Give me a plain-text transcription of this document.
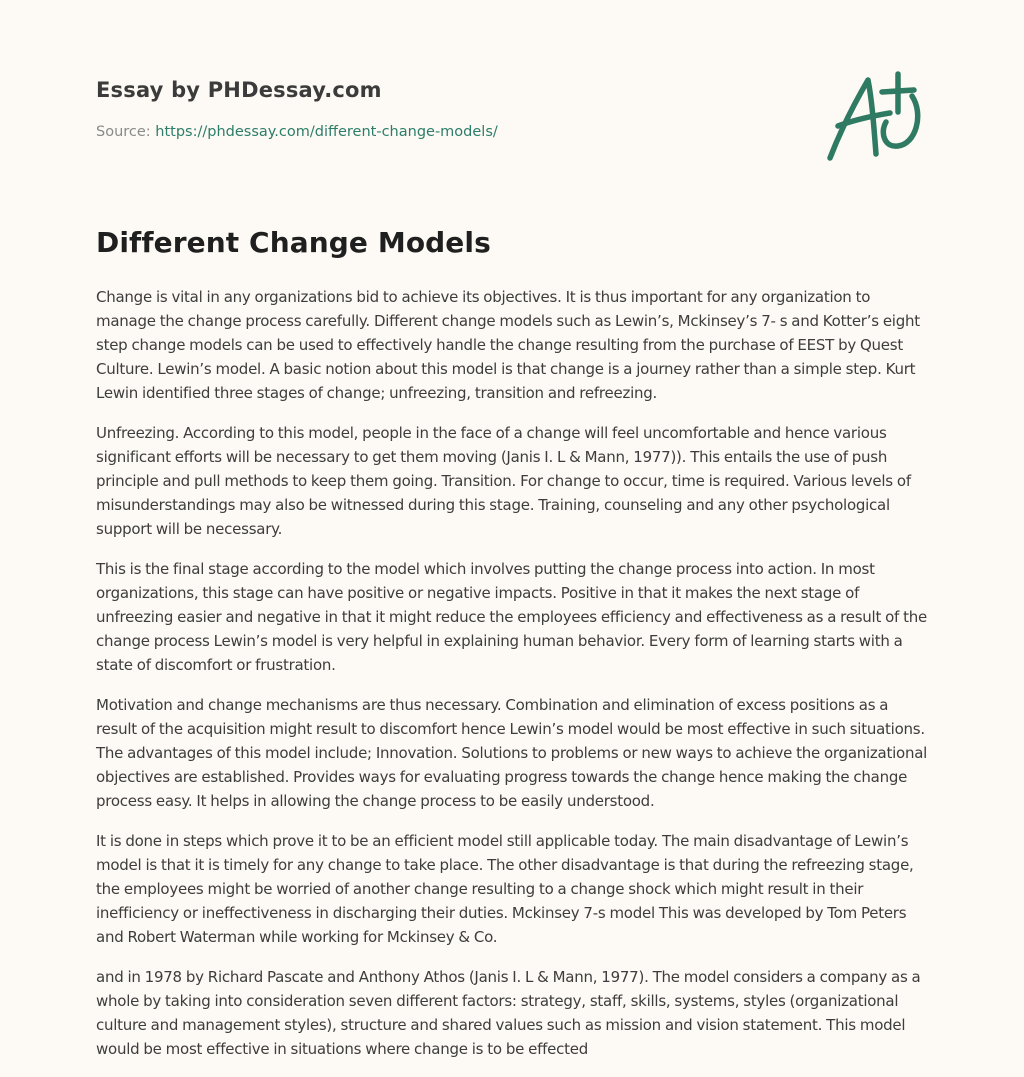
Essay by PHDessay.com
Source: https://phdessay.com/different-change-models/
Different Change Models

Change is vital in any organizations bid to achieve its objectives. It is thus important for any organization to manage the change process carefully. Different change models such as Lewin’s, Mckinsey’s 7- s and Kotter’s eight step change models can be used to effectively handle the change resulting from the purchase of EEST by Quest Culture. Lewin’s model. A basic notion about this model is that change is a journey rather than a simple step. Kurt Lewin identified three stages of change; unfreezing, transition and refreezing.

Unfreezing. According to this model, people in the face of a change will feel uncomfortable and hence various significant efforts will be necessary to get them moving (Janis I. L & Mann, 1977)). This entails the use of push principle and pull methods to keep them going. Transition. For change to occur, time is required. Various levels of misunderstandings may also be witnessed during this stage. Training, counseling and any other psychological support will be necessary.

This is the final stage according to the model which involves putting the change process into action. In most organizations, this stage can have positive or negative impacts. Positive in that it makes the next stage of unfreezing easier and negative in that it might reduce the employees efficiency and effectiveness as a result of the change process Lewin’s model is very helpful in explaining human behavior. Every form of learning starts with a state of discomfort or frustration.

Motivation and change mechanisms are thus necessary. Combination and elimination of excess positions as a result of the acquisition might result to discomfort hence Lewin’s model would be most effective in such situations. The advantages of this model include; Innovation. Solutions to problems or new ways to achieve the organizational objectives are established. Provides ways for evaluating progress towards the change hence making the change process easy. It helps in allowing the change process to be easily understood.

It is done in steps which prove it to be an efficient model still applicable today. The main disadvantage of Lewin’s model is that it is timely for any change to take place. The other disadvantage is that during the refreezing stage, the employees might be worried of another change resulting to a change shock which might result in their inefficiency or ineffectiveness in discharging their duties. Mckinsey 7-s model This was developed by Tom Peters and Robert Waterman while working for Mckinsey & Co.

and in 1978 by Richard Pascate and Anthony Athos (Janis I. L & Mann, 1977). The model considers a company as a whole by taking into consideration seven different factors: strategy, staff, skills, systems, styles (organizational culture and management styles), structure and shared values such as mission and vision statement. This model would be most effective in situations where change is to be effected
